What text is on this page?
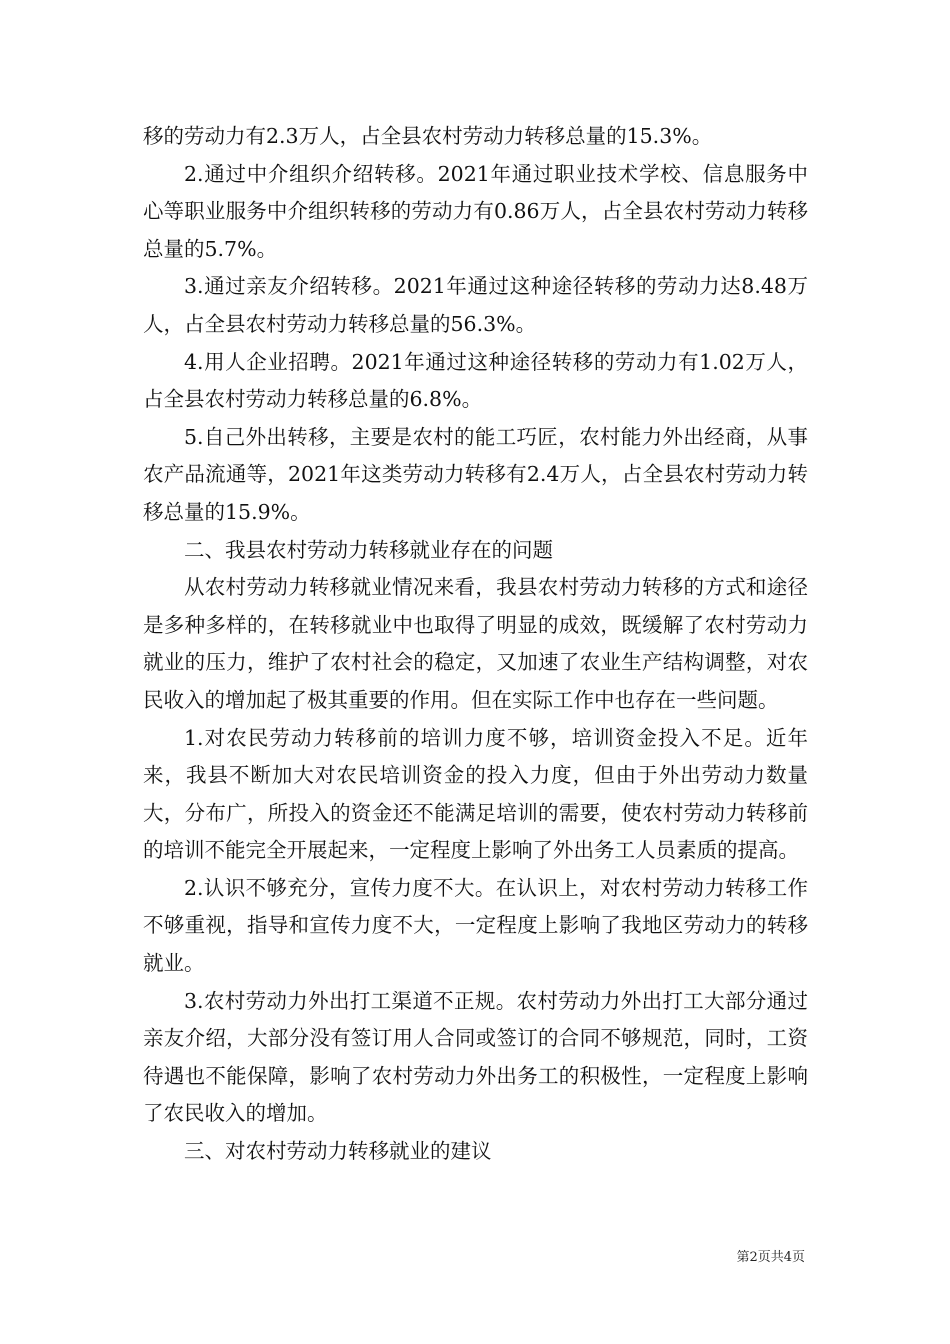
移的劳动力有2.3万人，占全县农村劳动力转移总量的15.3%。

2.通过中介组织介绍转移。2021年通过职业技术学校、信息服务中心等职业服务中介组织转移的劳动力有0.86万人，占全县农村劳动力转移总量的5.7%。

3.通过亲友介绍转移。2021年通过这种途径转移的劳动力达8.48万人，占全县农村劳动力转移总量的56.3%。

4.用人企业招聘。2021年通过这种途径转移的劳动力有1.02万人，占全县农村劳动力转移总量的6.8%。

5.自己外出转移，主要是农村的能工巧匠，农村能力外出经商，从事农产品流通等，2021年这类劳动力转移有2.4万人，占全县农村劳动力转移总量的15.9%。

二、我县农村劳动力转移就业存在的问题

从农村劳动力转移就业情况来看，我县农村劳动力转移的方式和途径是多种多样的，在转移就业中也取得了明显的成效，既缓解了农村劳动力就业的压力，维护了农村社会的稳定，又加速了农业生产结构调整，对农民收入的增加起了极其重要的作用。但在实际工作中也存在一些问题。

1.对农民劳动力转移前的培训力度不够，培训资金投入不足。近年来，我县不断加大对农民培训资金的投入力度，但由于外出劳动力数量大，分布广，所投入的资金还不能满足培训的需要，使农村劳动力转移前的培训不能完全开展起来，一定程度上影响了外出务工人员素质的提高。

2.认识不够充分，宣传力度不大。在认识上，对农村劳动力转移工作不够重视，指导和宣传力度不大，一定程度上影响了我地区劳动力的转移就业。

3.农村劳动力外出打工渠道不正规。农村劳动力外出打工大部分通过亲友介绍，大部分没有签订用人合同或签订的合同不够规范，同时，工资待遇也不能保障，影响了农村劳动力外出务工的积极性，一定程度上影响了农民收入的增加。

三、对农村劳动力转移就业的建议

第2页共4页
